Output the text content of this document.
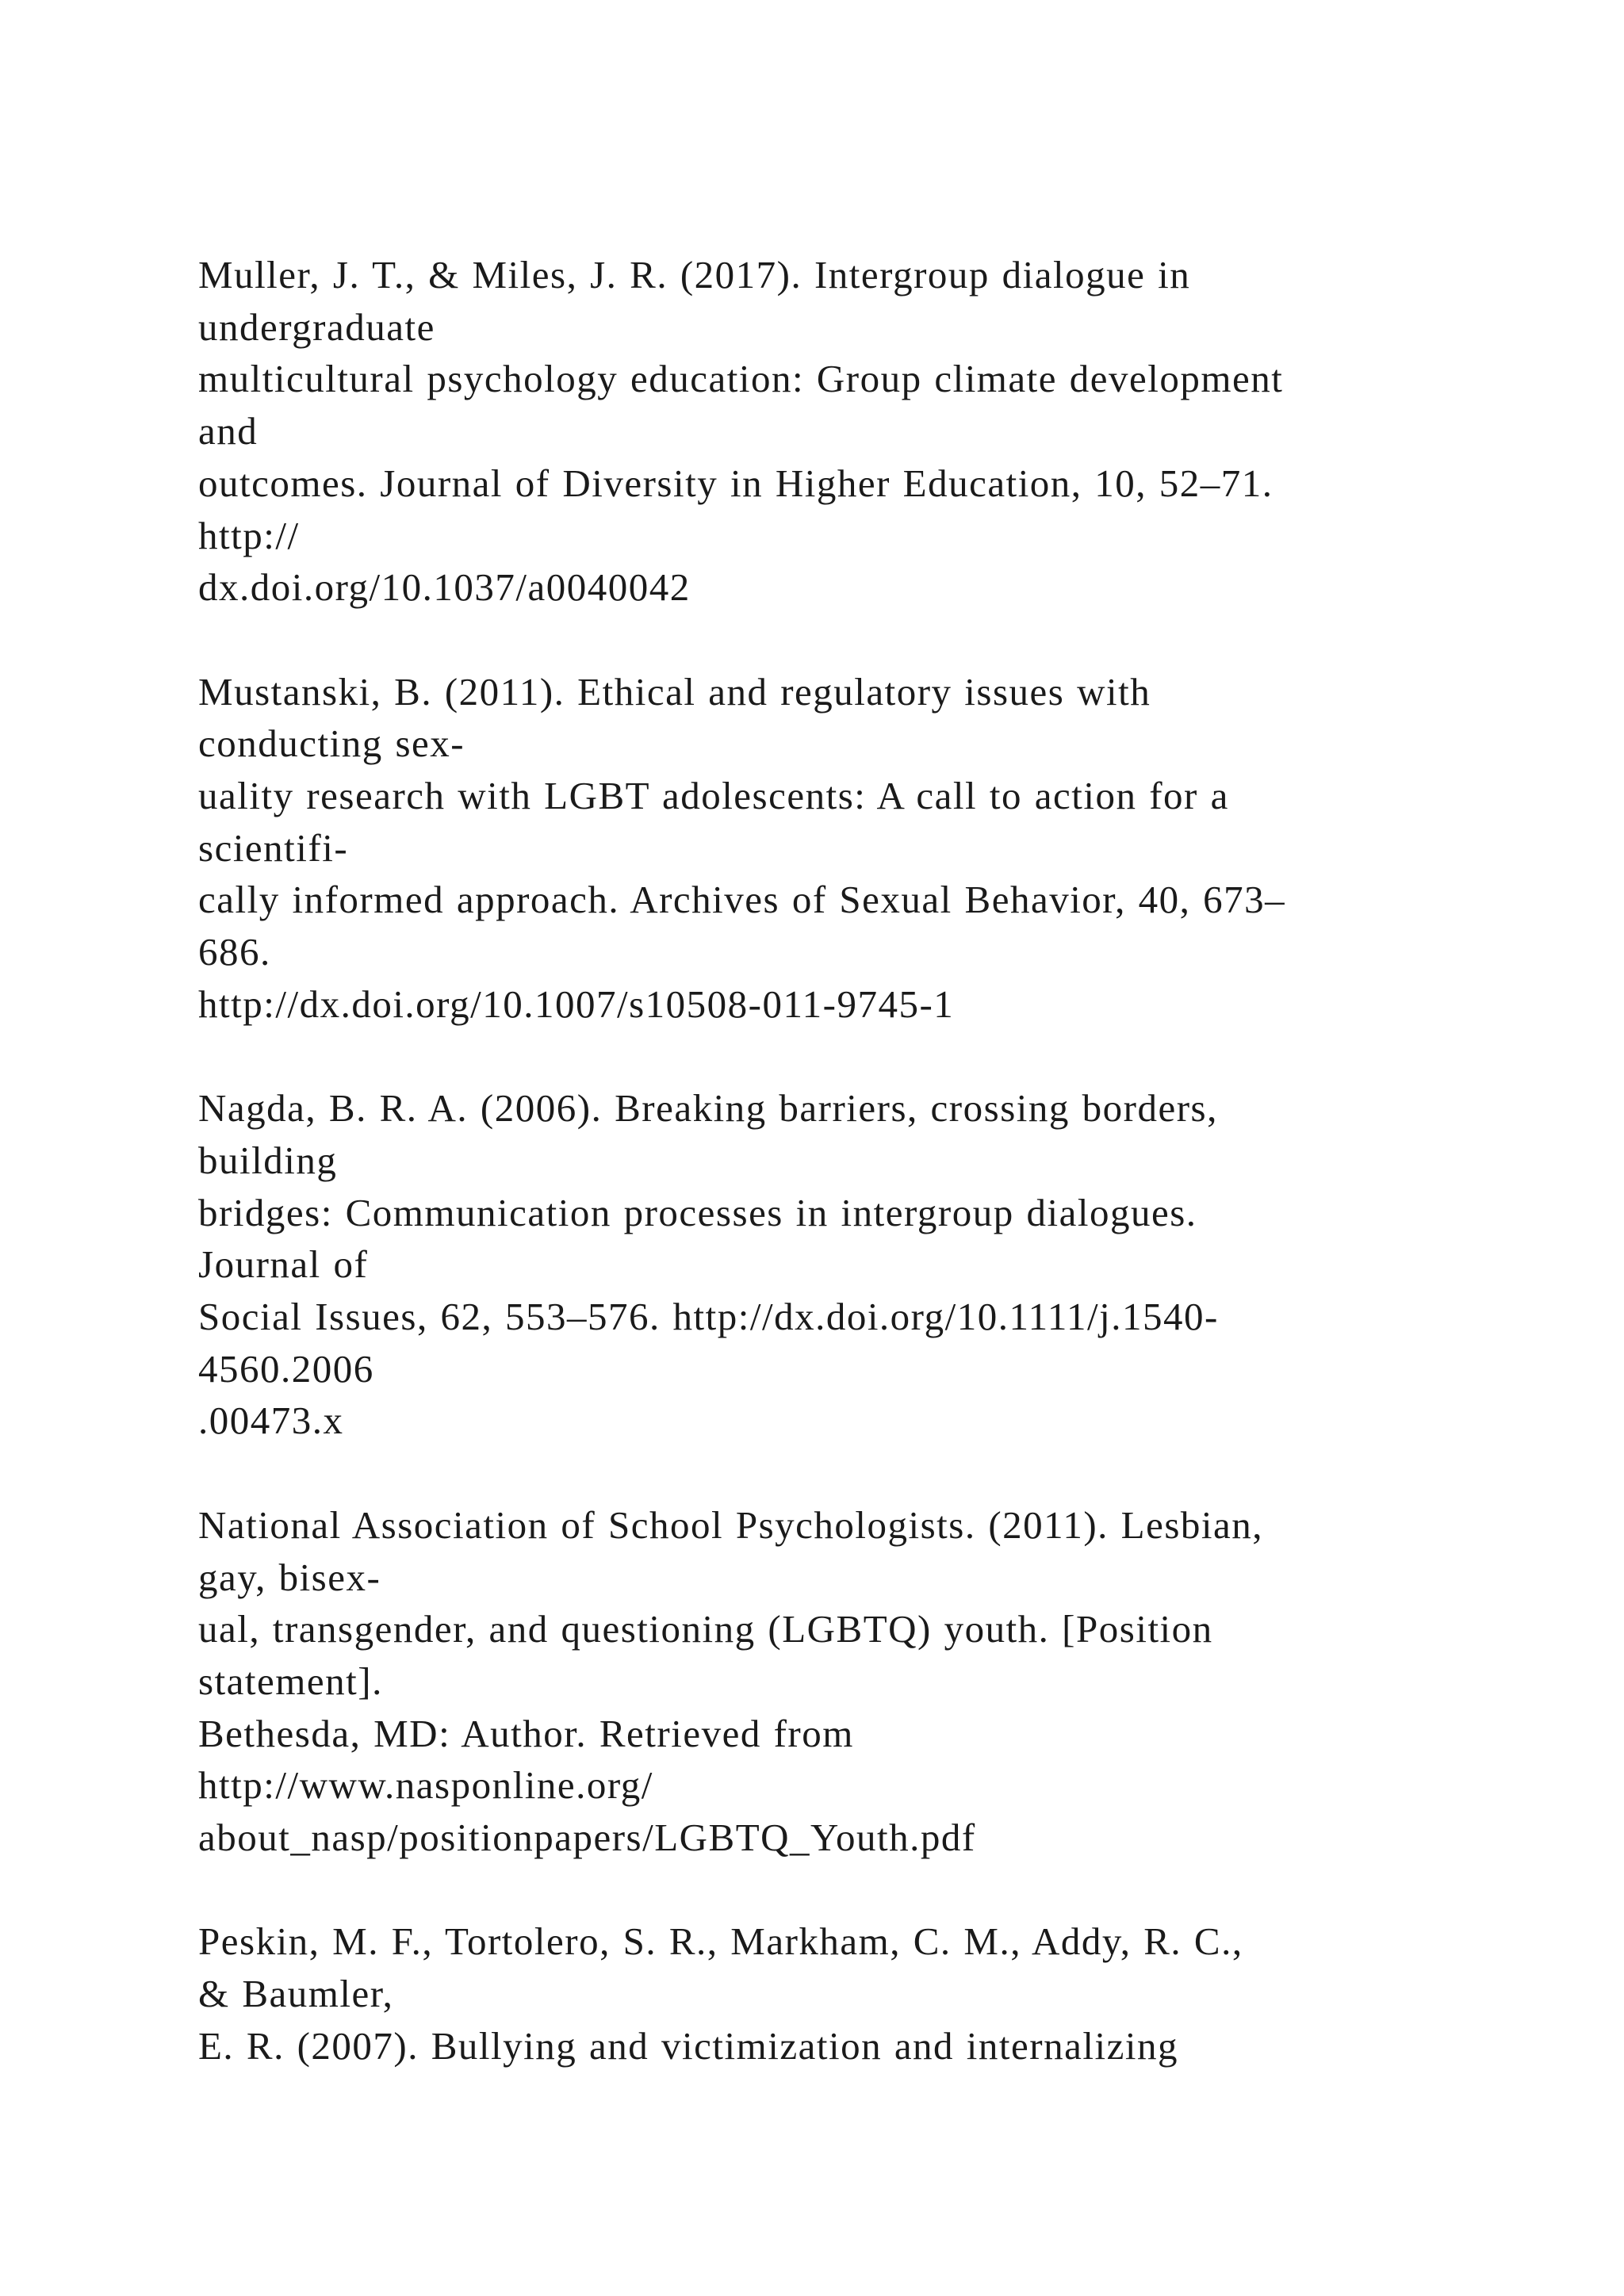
Muller, J. T., & Miles, J. R. (2017). Intergroup dialogue in
undergraduate
multicultural psychology education: Group climate development
and
outcomes. Journal of Diversity in Higher Education, 10, 52–71.
http://
dx.doi.org/10.1037/a0040042

Mustanski, B. (2011). Ethical and regulatory issues with
conducting sex-
uality research with LGBT adolescents: A call to action for a
scientifi-
cally informed approach. Archives of Sexual Behavior, 40, 673–
686.
http://dx.doi.org/10.1007/s10508-011-9745-1

Nagda, B. R. A. (2006). Breaking barriers, crossing borders,
building
bridges: Communication processes in intergroup dialogues.
Journal of
Social Issues, 62, 553–576. http://dx.doi.org/10.1111/j.1540-
4560.2006
.00473.x

National Association of School Psychologists. (2011). Lesbian,
gay, bisex-
ual, transgender, and questioning (LGBTQ) youth. [Position
statement].
Bethesda, MD: Author. Retrieved from
http://www.nasponline.org/
about_nasp/positionpapers/LGBTQ_Youth.pdf

Peskin, M. F., Tortolero, S. R., Markham, C. M., Addy, R. C.,
& Baumler,
E. R. (2007). Bullying and victimization and internalizing
